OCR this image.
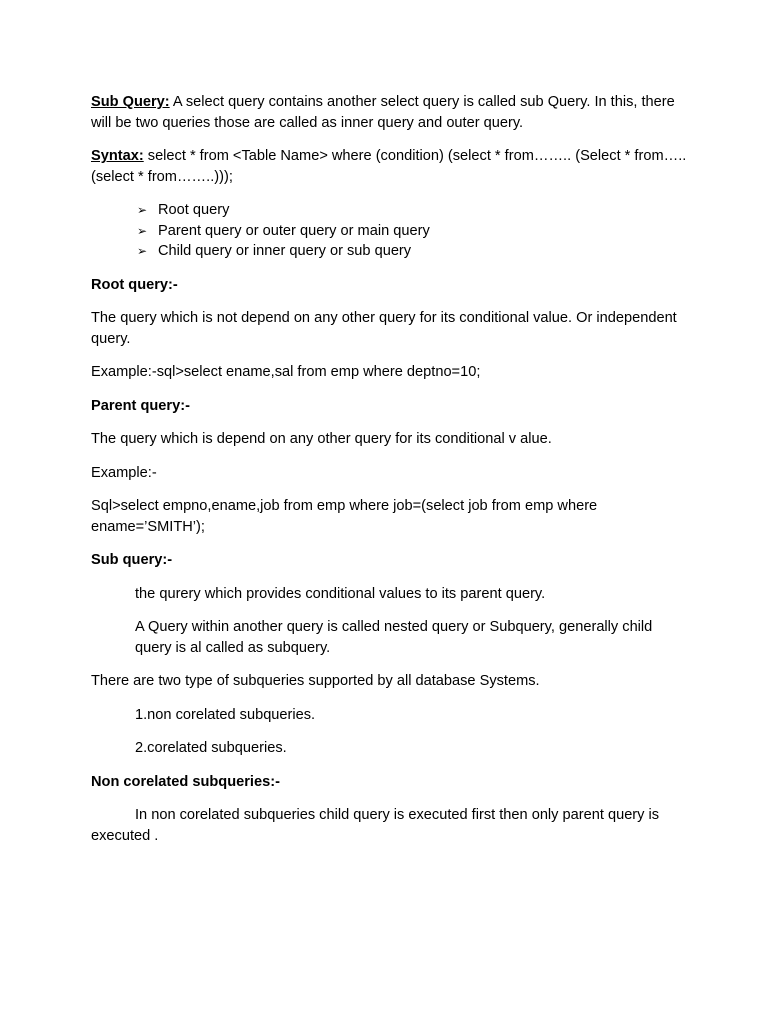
Sub Query: A select query contains another select query is called sub Query. In this, there will be two queries those are called as inner query and outer query.

Syntax: select * from <Table Name> where (condition) (select * from…….. (Select * from….. (select * from……..)));

➢ Root query
➢ Parent query or outer query or main query
➢ Child query or inner query or sub query

Root query:-

The query which is not depend on any other query for its conditional value. Or independent query.

Example:-sql>select ename,sal from emp where deptno=10;

Parent query:-

The query which is depend on any other query for its conditional v alue.

Example:-

Sql>select empno,ename,job from emp where job=(select job from emp where ename=’SMITH’);

Sub query:-

the qurery which provides conditional values to its parent query.

A Query within another query is called nested query or Subquery, generally child query is al called as subquery.

There are two type of subqueries supported by all database Systems.

1.non corelated subqueries.

2.corelated subqueries.

Non corelated subqueries:-

In non corelated subqueries child query is executed first then only parent query is executed .
